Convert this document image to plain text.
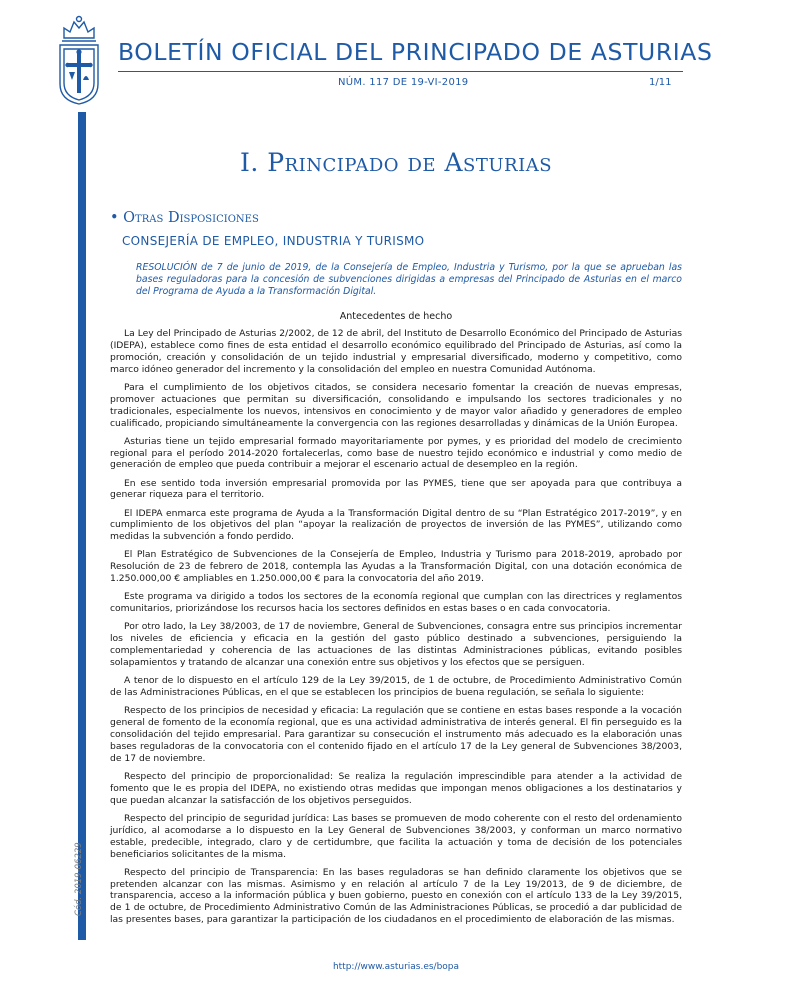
BOLETÍN OFICIAL DEL PRINCIPADO DE ASTURIAS
NÚM. 117 DE 19-VI-2019	1/11
Cód. 2019-06229
I. Principado de Asturias
• Otras Disposiciones
CONSEJERÍA DE EMPLEO, INDUSTRIA Y TURISMO

RESOLUCIÓN de 7 de junio de 2019, de la Consejería de Empleo, Industria y Turismo, por la que se aprueban las bases reguladoras para la concesión de subvenciones dirigidas a empresas del Principado de Asturias en el marco del Programa de Ayuda a la Transformación Digital.

Antecedentes de hecho

La Ley del Principado de Asturias 2/2002, de 12 de abril, del Instituto de Desarrollo Económico del Principado de Asturias (IDEPA), establece como fines de esta entidad el desarrollo económico equilibrado del Principado de Asturias, así como la promoción, creación y consolidación de un tejido industrial y empresarial diversificado, moderno y competitivo, como marco idóneo generador del incremento y la consolidación del empleo en nuestra Comunidad Autónoma.

Para el cumplimiento de los objetivos citados, se considera necesario fomentar la creación de nuevas empresas, promover actuaciones que permitan su diversificación, consolidando e impulsando los sectores tradicionales y no tradicionales, especialmente los nuevos, intensivos en conocimiento y de mayor valor añadido y generadores de empleo cualificado, propiciando simultáneamente la convergencia con las regiones desarrolladas y dinámicas de la Unión Europea.

Asturias tiene un tejido empresarial formado mayoritariamente por pymes, y es prioridad del modelo de crecimiento regional para el período 2014-2020 fortalecerlas, como base de nuestro tejido económico e industrial y como medio de generación de empleo que pueda contribuir a mejorar el escenario actual de desempleo en la región.

En ese sentido toda inversión empresarial promovida por las PYMES, tiene que ser apoyada para que contribuya a generar riqueza para el territorio.

El IDEPA enmarca este programa de Ayuda a la Transformación Digital dentro de su “Plan Estratégico 2017-2019”, y en cumplimiento de los objetivos del plan “apoyar la realización de proyectos de inversión de las PYMES”, utilizando como medidas la subvención a fondo perdido.

El Plan Estratégico de Subvenciones de la Consejería de Empleo, Industria y Turismo para 2018-2019, aprobado por Resolución de 23 de febrero de 2018, contempla las Ayudas a la Transformación Digital, con una dotación económica de 1.250.000,00 € ampliables en 1.250.000,00 € para la convocatoria del año 2019.

Este programa va dirigido a todos los sectores de la economía regional que cumplan con las directrices y reglamentos comunitarios, priorizándose los recursos hacia los sectores definidos en estas bases o en cada convocatoria.

Por otro lado, la Ley 38/2003, de 17 de noviembre, General de Subvenciones, consagra entre sus principios incrementar los niveles de eficiencia y eficacia en la gestión del gasto público destinado a subvenciones, persiguiendo la complementariedad y coherencia de las actuaciones de las distintas Administraciones públicas, evitando posibles solapamientos y tratando de alcanzar una conexión entre sus objetivos y los efectos que se persiguen.

A tenor de lo dispuesto en el artículo 129 de la Ley 39/2015, de 1 de octubre, de Procedimiento Administrativo Común de las Administraciones Públicas, en el que se establecen los principios de buena regulación, se señala lo siguiente:

Respecto de los principios de necesidad y eficacia: La regulación que se contiene en estas bases responde a la vocación general de fomento de la economía regional, que es una actividad administrativa de interés general. El fin perseguido es la consolidación del tejido empresarial. Para garantizar su consecución el instrumento más adecuado es la elaboración unas bases reguladoras de la convocatoria con el contenido fijado en el artículo 17 de la Ley general de Subvenciones 38/2003, de 17 de noviembre.

Respecto del principio de proporcionalidad: Se realiza la regulación imprescindible para atender a la actividad de fomento que le es propia del IDEPA, no existiendo otras medidas que impongan menos obligaciones a los destinatarios y que puedan alcanzar la satisfacción de los objetivos perseguidos.

Respecto del principio de seguridad jurídica: Las bases se promueven de modo coherente con el resto del ordenamiento jurídico, al acomodarse a lo dispuesto en la Ley General de Subvenciones 38/2003, y conforman un marco normativo estable, predecible, integrado, claro y de certidumbre, que facilita la actuación y toma de decisión de los potenciales beneficiarios solicitantes de la misma.

Respecto del principio de Transparencia: En las bases reguladoras se han definido claramente los objetivos que se pretenden alcanzar con las mismas. Asimismo y en relación al artículo 7 de la Ley 19/2013, de 9 de diciembre, de transparencia, acceso a la información pública y buen gobierno, puesto en conexión con el artículo 133 de la Ley 39/2015, de 1 de octubre, de Procedimiento Administrativo Común de las Administraciones Públicas, se procedió a dar publicidad de las presentes bases, para garantizar la participación de los ciudadanos en el procedimiento de elaboración de las mismas.

http://www.asturias.es/bopa
